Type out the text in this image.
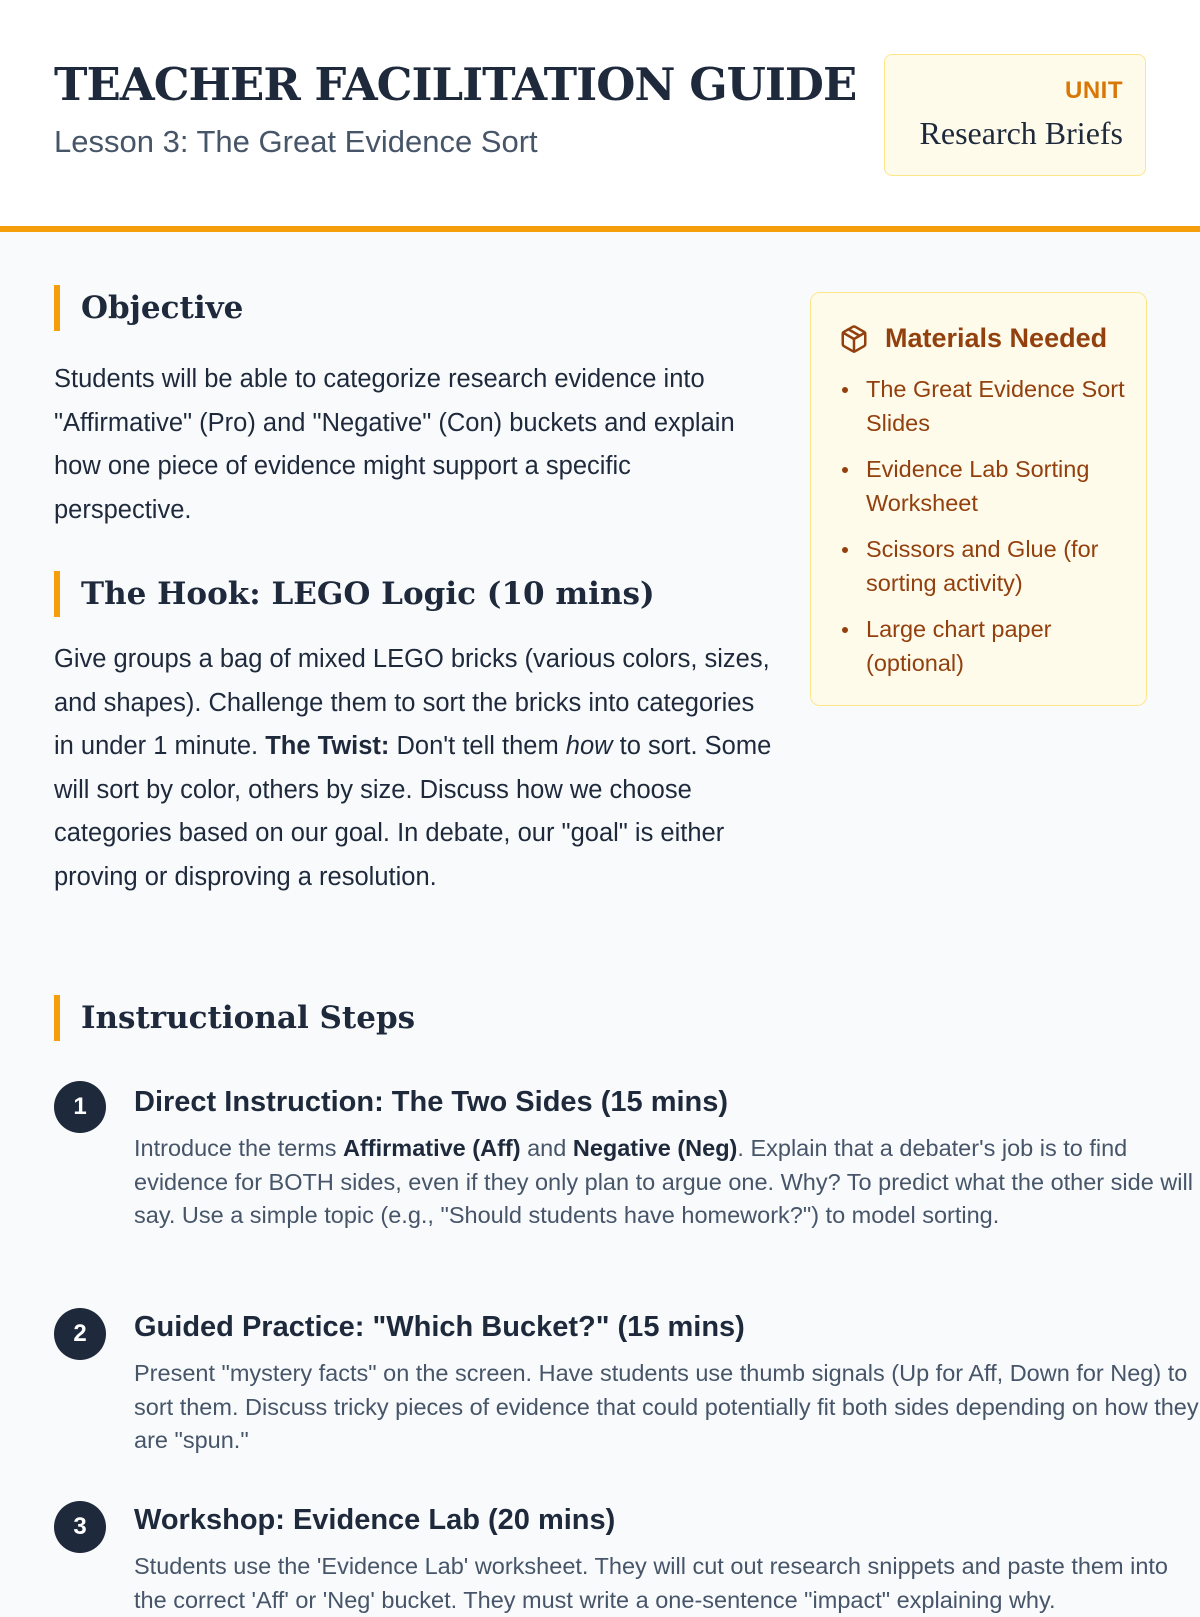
TEACHER FACILITATION GUIDE

Lesson 3: The Great Evidence Sort

UNIT
Research Briefs
Objective

Students will be able to categorize research evidence into "Affirmative" (Pro) and "Negative" (Con) buckets and explain how one piece of evidence might support a specific perspective.

The Hook: LEGO Logic (10 mins)

Give groups a bag of mixed LEGO bricks (various colors, sizes, and shapes). Challenge them to sort the bricks into categories in under 1 minute. The Twist: Don't tell them how to sort. Some will sort by color, others by size. Discuss how we choose categories based on our goal. In debate, our "goal" is either proving or disproving a resolution.

Materials Needed
The Great Evidence Sort Slides
Evidence Lab Sorting Worksheet
Scissors and Glue (for sorting activity)
Large chart paper (optional)
Instructional Steps
1	Direct Instruction: The Two Sides (15 mins)

Introduce the terms Affirmative (Aff) and Negative (Neg). Explain that a debater's job is to find evidence for BOTH sides, even if they only plan to argue one. Why? To predict what the other side will say. Use a simple topic (e.g., "Should students have homework?") to model sorting.

2	Guided Practice: "Which Bucket?" (15 mins)

Present "mystery facts" on the screen. Have students use thumb signals (Up for Aff, Down for Neg) to sort them. Discuss tricky pieces of evidence that could potentially fit both sides depending on how they are "spun."

3	Workshop: Evidence Lab (20 mins)

Students use the 'Evidence Lab' worksheet. They will cut out research snippets and paste them into the correct 'Aff' or 'Neg' bucket. They must write a one-sentence "impact" explaining why.
